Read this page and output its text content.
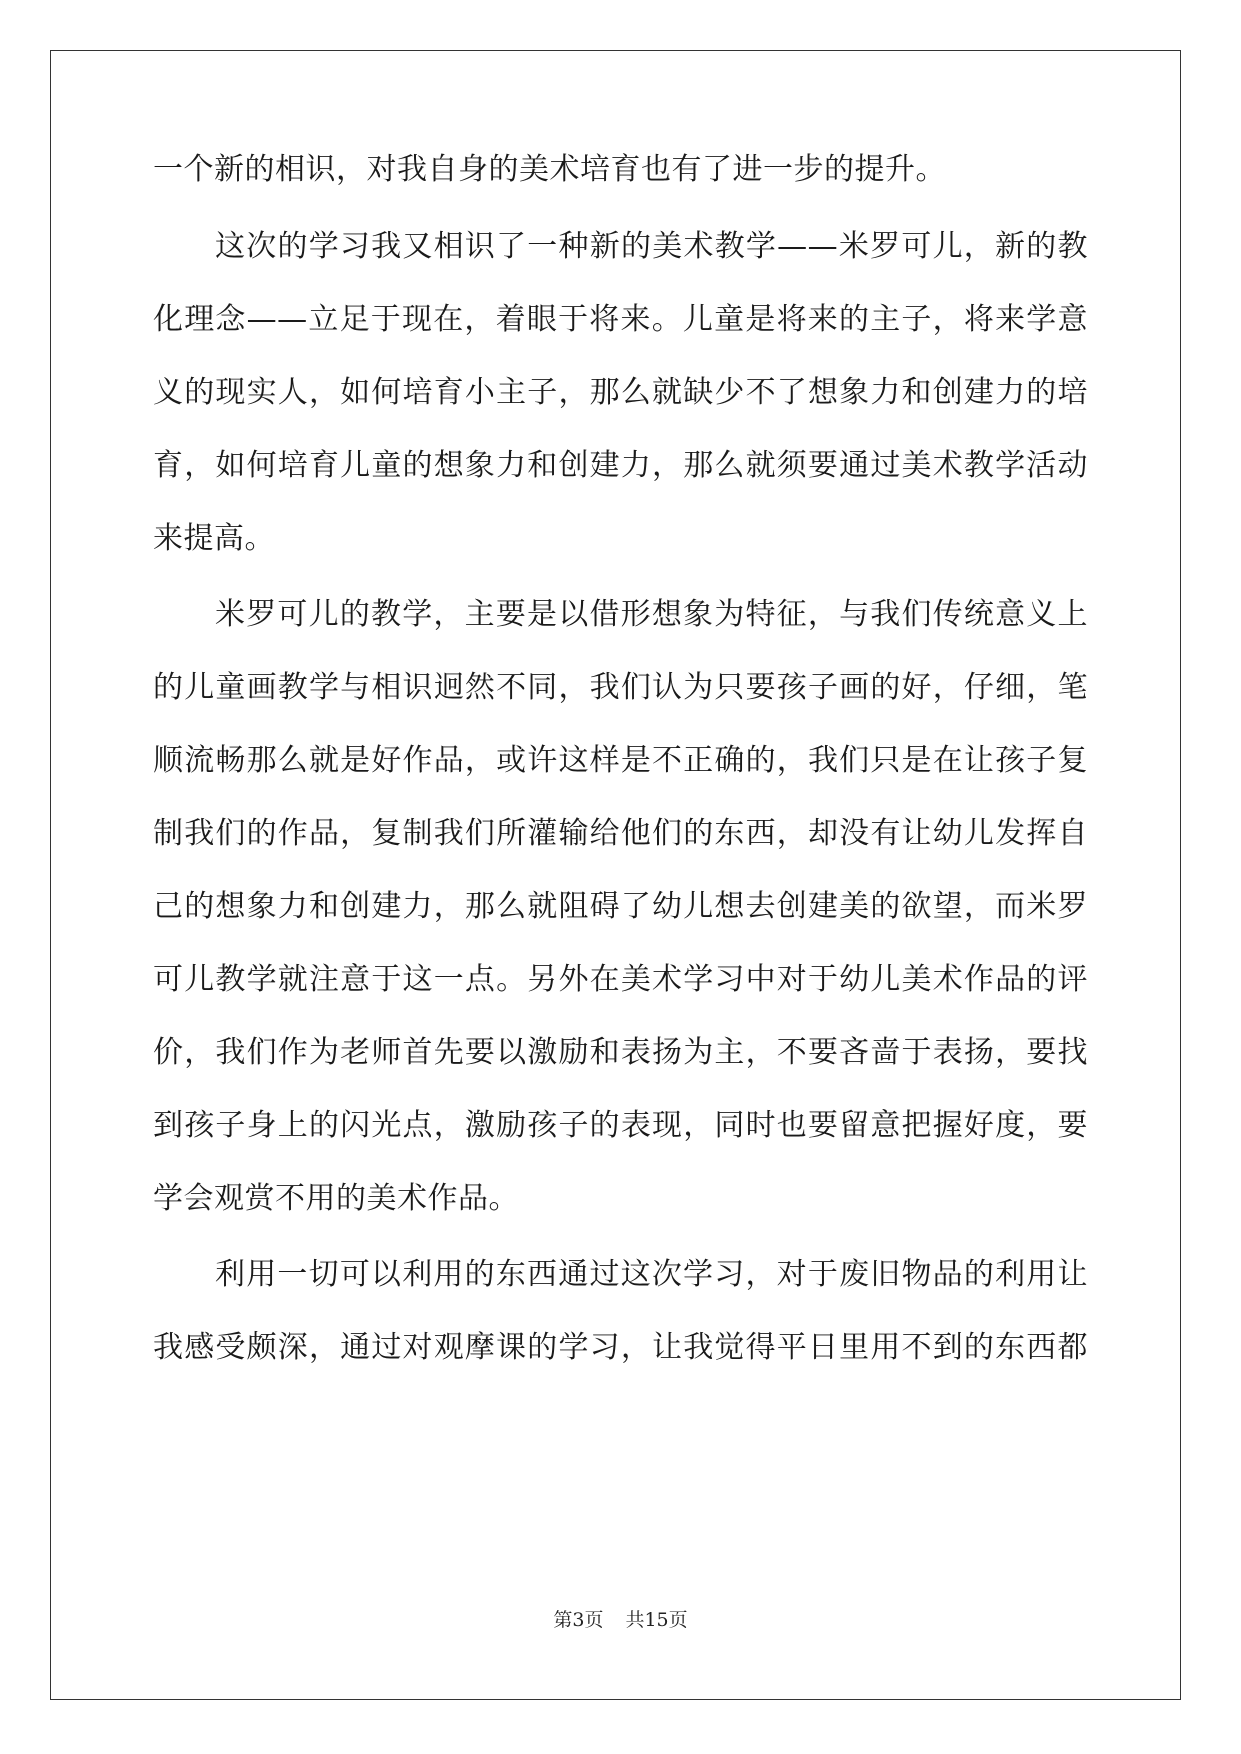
一个新的相识，对我自身的美术培育也有了进一步的提升。
这次的学习我又相识了一种新的美术教学——米罗可儿，新的教
化理念——立足于现在，着眼于将来。儿童是将来的主子，将来学意
义的现实人，如何培育小主子，那么就缺少不了想象力和创建力的培
育，如何培育儿童的想象力和创建力，那么就须要通过美术教学活动
来提高。
米罗可儿的教学，主要是以借形想象为特征，与我们传统意义上
的儿童画教学与相识迥然不同，我们认为只要孩子画的好，仔细，笔
顺流畅那么就是好作品，或许这样是不正确的，我们只是在让孩子复
制我们的作品，复制我们所灌输给他们的东西，却没有让幼儿发挥自
己的想象力和创建力，那么就阻碍了幼儿想去创建美的欲望，而米罗
可儿教学就注意于这一点。另外在美术学习中对于幼儿美术作品的评
价，我们作为老师首先要以激励和表扬为主，不要吝啬于表扬，要找
到孩子身上的闪光点，激励孩子的表现，同时也要留意把握好度，要
学会观赏不用的美术作品。
利用一切可以利用的东西通过这次学习，对于废旧物品的利用让
我感受颇深，通过对观摩课的学习，让我觉得平日里用不到的东西都
第3页 共15页
